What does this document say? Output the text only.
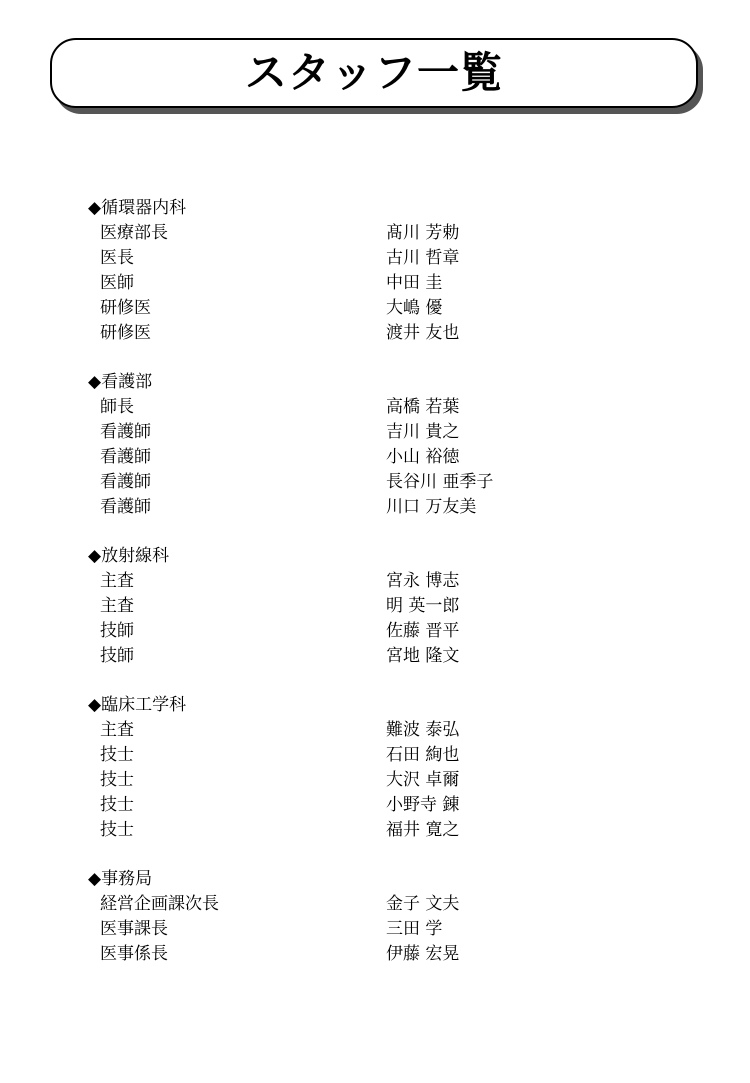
スタッフ一覧
◆循環器内科
医療部長	髙川 芳勅
医長	古川 哲章
医師	中田 圭
研修医	大嶋 優
研修医	渡井 友也
◆看護部
師長	高橋 若葉
看護師	吉川 貴之
看護師	小山 裕徳
看護師	長谷川 亜季子
看護師	川口 万友美
◆放射線科
主査	宮永 博志
主査	明 英一郎
技師	佐藤 晋平
技師	宮地 隆文
◆臨床工学科
主査	難波 泰弘
技士	石田 絢也
技士	大沢 卓爾
技士	小野寺 錬
技士	福井 寛之
◆事務局
経営企画課次長	金子 文夫
医事課長	三田 学
医事係長	伊藤 宏晃
